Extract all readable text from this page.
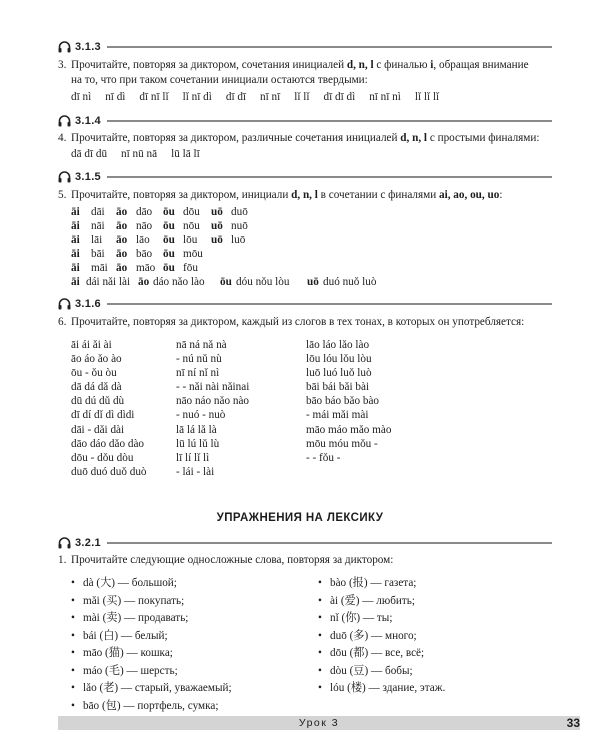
3.1.3
3. Прочитайте, повторяя за диктором, сочетания инициалей d, n, l с финалью i, обращая внимание
на то, что при таком сочетании инициали остаются твердыми:
dī nì nī dì dī nī lǐ lǐ nī dì dī dī nī nī lǐ lǐ dī dī dì nī nī nì lǐ lǐ lǐ
3.1.4
4. Прочитайте, повторяя за диктором, различные сочетания инициалей d, n, l с простыми финалями:
dā dī dū nī nū nā lū lā lī
3.1.5
5. Прочитайте, повторяя за диктором, инициали d, n, l в сочетании с финалями ai, ao, ou, uo:
āi dāi āo dāo ōu dōu uō duō
āi nāi āo nāo ōu nōu uō nuō
āi lāi āo lāo ōu lōu uō luō
āi bāi āo bāo ōu mōu
āi māi āo māo ōu fōu
āi dái nǎi lài āo dáo nǎo lào ōu dóu nǒu lòu uō duó nuǒ luò
3.1.6
6. Прочитайте, повторяя за диктором, каждый из слогов в тех тонах, в которых он употребляется:
āi ái ǎi ài
āo áo ǎo ào
ōu - ǒu òu
dā dá dǎ dà
dū dú dǔ dù
dī dí dǐ dì dìdi
dāi - dǎi dài
dāo dáo dǎo dào
dōu - dǒu dòu
duō duó duǒ duò
nā ná nǎ nà
- nú nǔ nù
nī ní nǐ nì
- - nǎi nài nǎinai
nāo náo nǎo nào
- nuó - nuò
lā lá lǎ là
lū lú lǔ lù
lī lí lǐ lì
- lái - lài
lāo láo lǎo lào
lōu lóu lǒu lòu
luō luó luǒ luò
bāi bái bǎi bài
bāo báo bǎo bào
- mái mǎi mài
māo máo mǎo mào
mōu móu mǒu -
- - fǒu -
УПРАЖНЕНИЯ НА ЛЕКСИКУ
3.2.1
1. Прочитайте следующие односложные слова, повторяя за диктором:
• dà (大) — большой;
• mǎi (买) — покупать;
• mài (卖) — продавать;
• bái (白) — белый;
• māo (猫) — кошка;
• máo (毛) — шерсть;
• lǎo (老) — старый, уважаемый;
• bāo (包) — портфель, сумка;
• bào (报) — газета;
• ài (爱) — любить;
• nǐ (你) — ты;
• duō (多) — много;
• dōu (都) — все, всё;
• dòu (豆) — бобы;
• lóu (楼) — здание, этаж.
Урок 3	33
